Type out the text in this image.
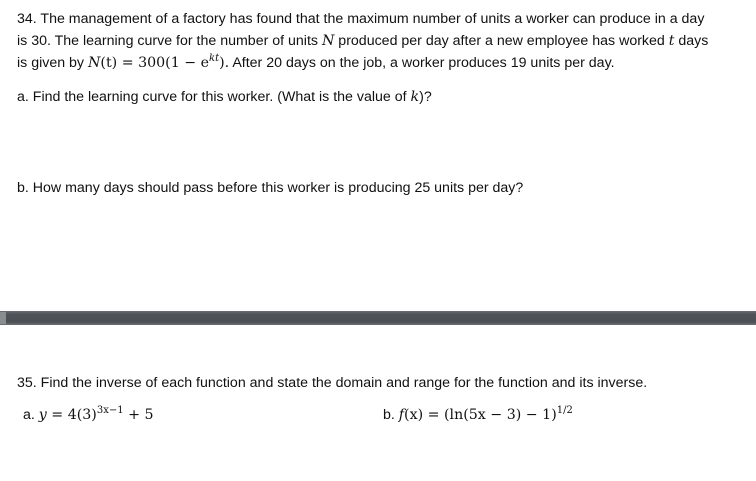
34. The management of a factory has found that the maximum number of units a worker can produce in a day
is 30. The learning curve for the number of units N produced per day after a new employee has worked t days
is given by $N(t) = 300(1 - e^{kt})$. After 20 days on the job, a worker produces 19 units per day.
a. Find the learning curve for this worker. (What is the value of k)?
b. How many days should pass before this worker is producing 25 units per day?
35. Find the inverse of each function and state the domain and range for the function and its inverse.
a. $y = 4(3)^{3x-1} + 5$	b. $f(x) = (\ln(5x - 3) - 1)^{1/2}$
